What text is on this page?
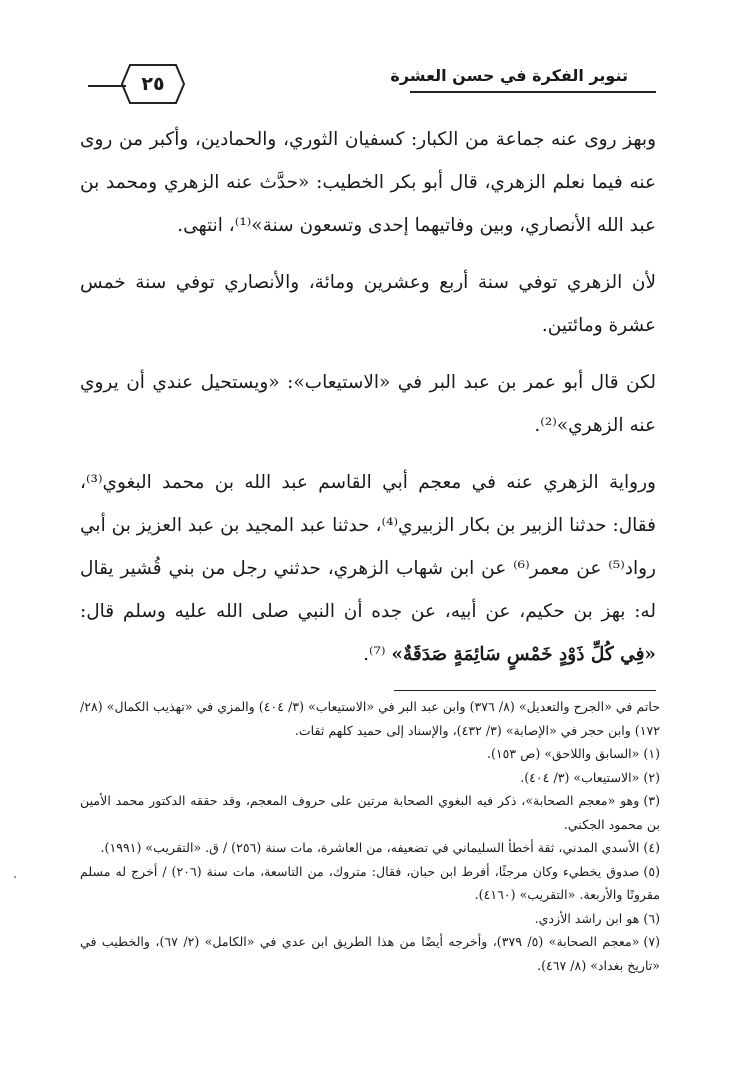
٢٥	تنوير الفكرة في حسن العشرة
وبهز روى عنه جماعة من الكبار: كسفيان الثوري، والحمادين، وأكبر من روى عنه فيما نعلم الزهري، قال أبو بكر الخطيب: «حدَّث عنه الزهري ومحمد بن عبد الله الأنصاري، وبين وفاتيهما إحدى وتسعون سنة»⁽¹⁾، انتهى.
لأن الزهري توفي سنة أربع وعشرين ومائة، والأنصاري توفي سنة خمس عشرة ومائتين.
لكن قال أبو عمر بن عبد البر في «الاستيعاب»: «ويستحيل عندي أن يروي عنه الزهري»⁽²⁾.
ورواية الزهري عنه في معجم أبي القاسم عبد الله بن محمد البغوي⁽³⁾، فقال: حدثنا الزبير بن بكار الزبيري⁽⁴⁾، حدثنا عبد المجيد بن عبد العزيز بن أبي رواد⁽⁵⁾ عن معمر⁽⁶⁾ عن ابن شهاب الزهري، حدثني رجل من بني قُشير يقال له: بهز بن حكيم، عن أبيه، عن جده أن النبي صلى الله عليه وسلم قال: «فِي كُلِّ ذَوْدٍ خَمْسٍ سَائِمَةٍ صَدَقَةٌ» ⁽⁷⁾.

حاتم في «الجرح والتعديل» (٨/ ٣٧٦) وابن عبد البر في «الاستيعاب» (٣/ ٤٠٤) والمزي في «تهذيب الكمال» (٢٨/ ١٧٢) وابن حجر في «الإصابة» (٣/ ٤٣٢)، والإسناد إلى حميد كلهم ثقات.

(١)«السابق واللاحق» (ص ١٥٣).

(٢)«الاستيعاب» (٣/ ٤٠٤).

(٣)وهو «معجم الصحابة»، ذكر فيه البغوي الصحابة مرتين على حروف المعجم، وقد حققه الدكتور محمد الأمين بن محمود الجكني.

(٤)الأسدي المدني، ثقة أخطأ السليماني في تضعيفه، من العاشرة، مات سنة (٢٥٦) / ق. «التقريب» (١٩٩١).

(٥)صدوق يخطيء وكان مرجئًا، أفرط ابن حبان، فقال: متروك، من التاسعة، مات سنة (٢٠٦) / أخرج له مسلم مقرونًا والأربعة. «التقريب» (٤١٦٠).

(٦)هو ابن راشد الأزدي.

(٧)«معجم الصحابة» (٥/ ٣٧٩)، وأخرجه أيضًا من هذا الطريق ابن عدي في «الكامل» (٢/ ٦٧)، والخطيب في «تاريخ بغداد» (٨/ ٤٦٧).
